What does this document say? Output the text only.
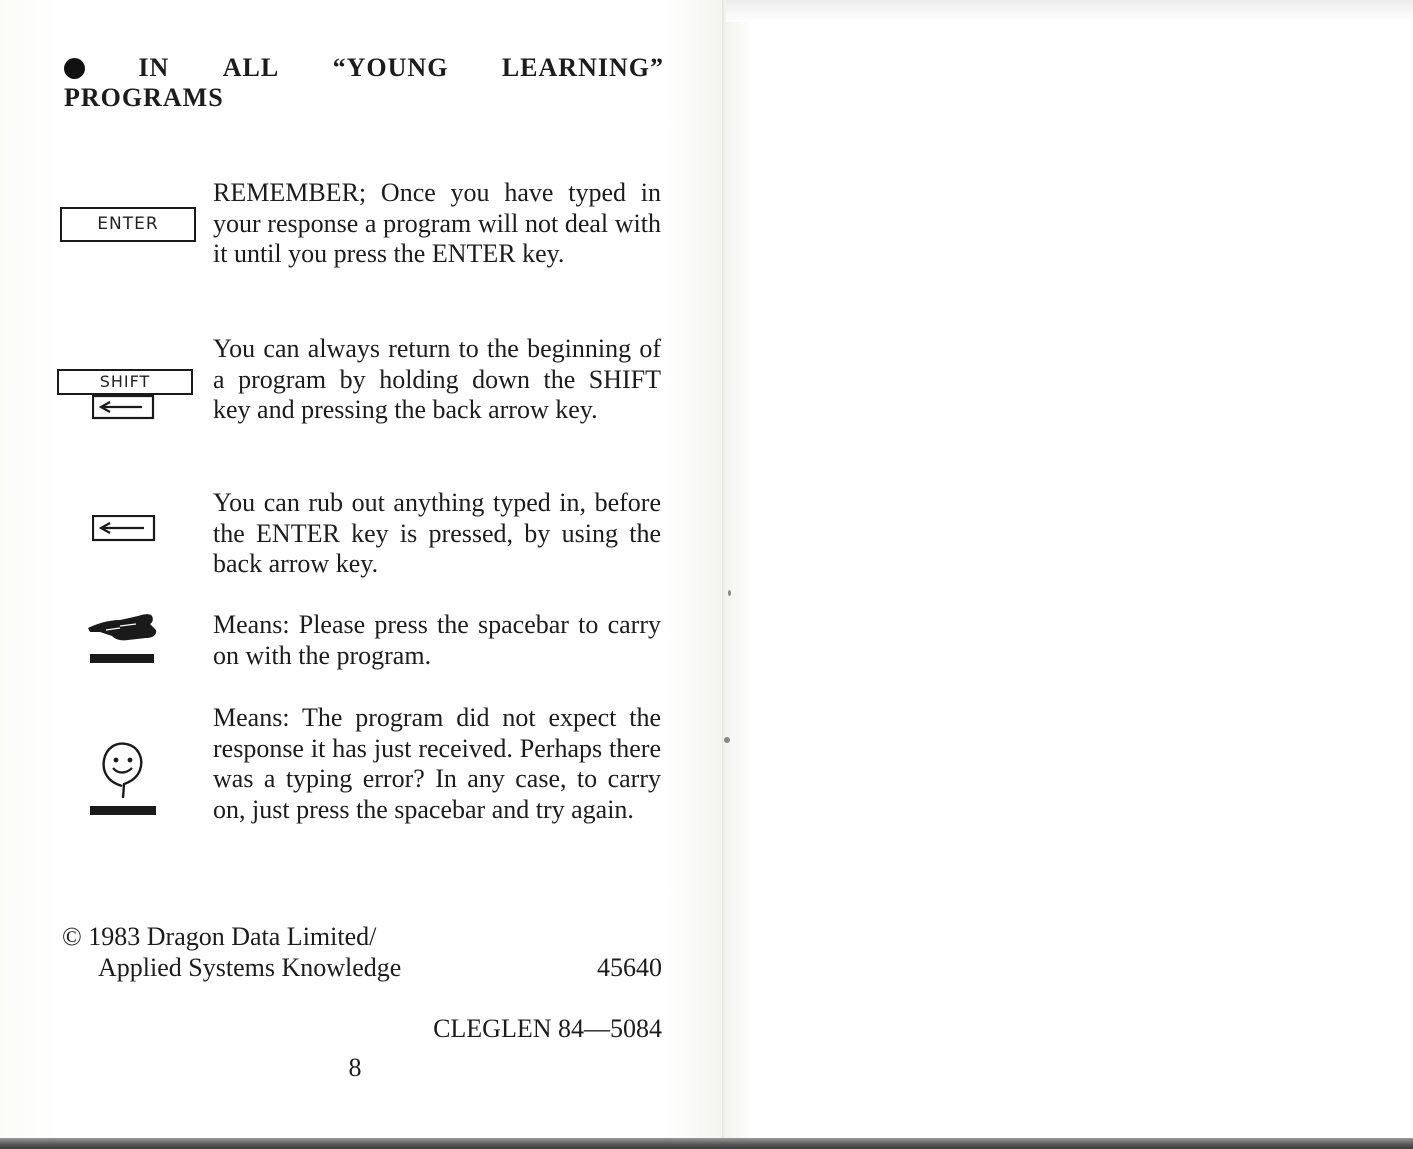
IN ALL “YOUNG LEARNING”
PROGRAMS
ENTER
REMEMBER; Once you have typed in your response a program will not deal with it until you press the ENTER key.
SHIFT
You can always return to the beginning of a program by holding down the SHIFT key and pressing the back arrow key.
You can rub out anything typed in, before the ENTER key is pressed, by using the back arrow key.
Means: Please press the spacebar to carry on with the program.
Means: The program did not expect the response it has just received. Perhaps there was a typing error? In any case, to carry on, just press the spacebar and try again.
© 1983 Dragon Data Limited/
Applied Systems Knowledge	45640
CLEGLEN 84—5084
8
